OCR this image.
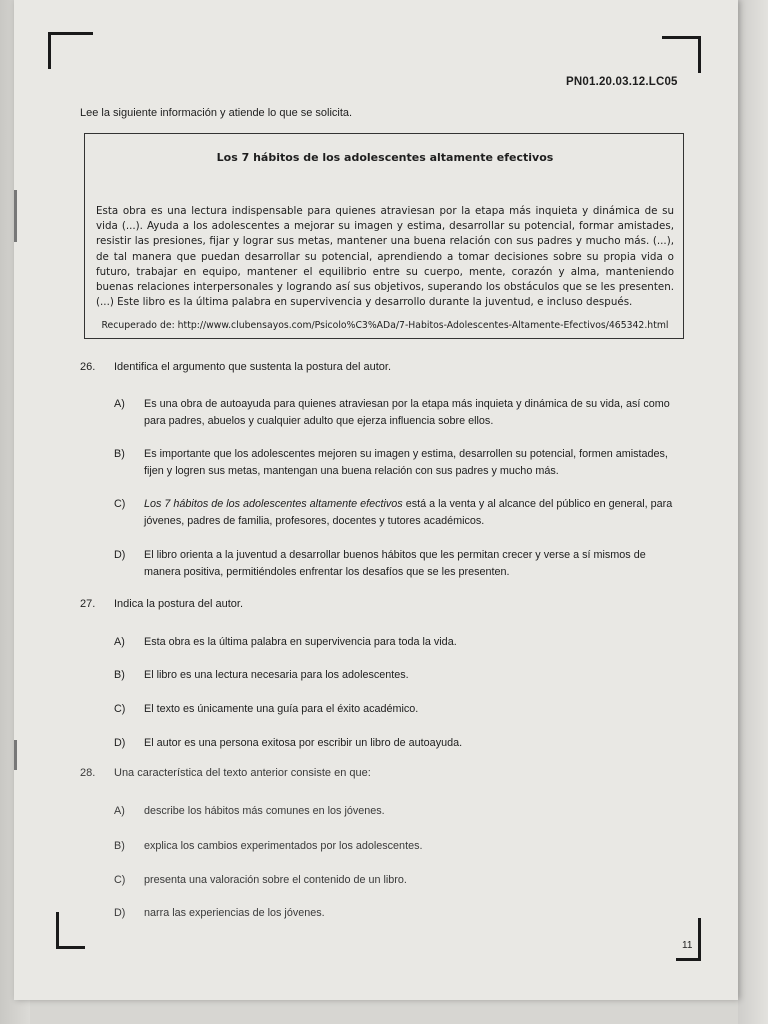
PN01.20.03.12.LC05
Lee la siguiente información y atiende lo que se solicita.
Los 7 hábitos de los adolescentes altamente efectivos
Esta obra es una lectura indispensable para quienes atraviesan por la etapa más inquieta y dinámica de su vida (...). Ayuda a los adolescentes a mejorar su imagen y estima, desarrollar su potencial, formar amistades, resistir las presiones, fijar y lograr sus metas, mantener una buena relación con sus padres y mucho más. (...), de tal manera que puedan desarrollar su potencial, aprendiendo a tomar decisiones sobre su propia vida o futuro, trabajar en equipo, mantener el equilibrio entre su cuerpo, mente, corazón y alma, manteniendo buenas relaciones interpersonales y logrando así sus objetivos, superando los obstáculos que se les presenten. (...) Este libro es la última palabra en supervivencia y desarrollo durante la juventud, e incluso después.
Recuperado de: http://www.clubensayos.com/Psicolo%C3%ADa/7-Habitos-Adolescentes-Altamente-Efectivos/465342.html
26. Identifica el argumento que sustenta la postura del autor.
A) Es una obra de autoayuda para quienes atraviesan por la etapa más inquieta y dinámica de su vida, así como para padres, abuelos y cualquier adulto que ejerza influencia sobre ellos.
B) Es importante que los adolescentes mejoren su imagen y estima, desarrollen su potencial, formen amistades, fijen y logren sus metas, mantengan una buena relación con sus padres y mucho más.
C) Los 7 hábitos de los adolescentes altamente efectivos está a la venta y al alcance del público en general, para jóvenes, padres de familia, profesores, docentes y tutores académicos.
D) El libro orienta a la juventud a desarrollar buenos hábitos que les permitan crecer y verse a sí mismos de manera positiva, permitiéndoles enfrentar los desafíos que se les presenten.
27. Indica la postura del autor.
A) Esta obra es la última palabra en supervivencia para toda la vida.
B) El libro es una lectura necesaria para los adolescentes.
C) El texto es únicamente una guía para el éxito académico.
D) El autor es una persona exitosa por escribir un libro de autoayuda.
28. Una característica del texto anterior consiste en que:
A) describe los hábitos más comunes en los jóvenes.
B) explica los cambios experimentados por los adolescentes.
C) presenta una valoración sobre el contenido de un libro.
D) narra las experiencias de los jóvenes.
11
